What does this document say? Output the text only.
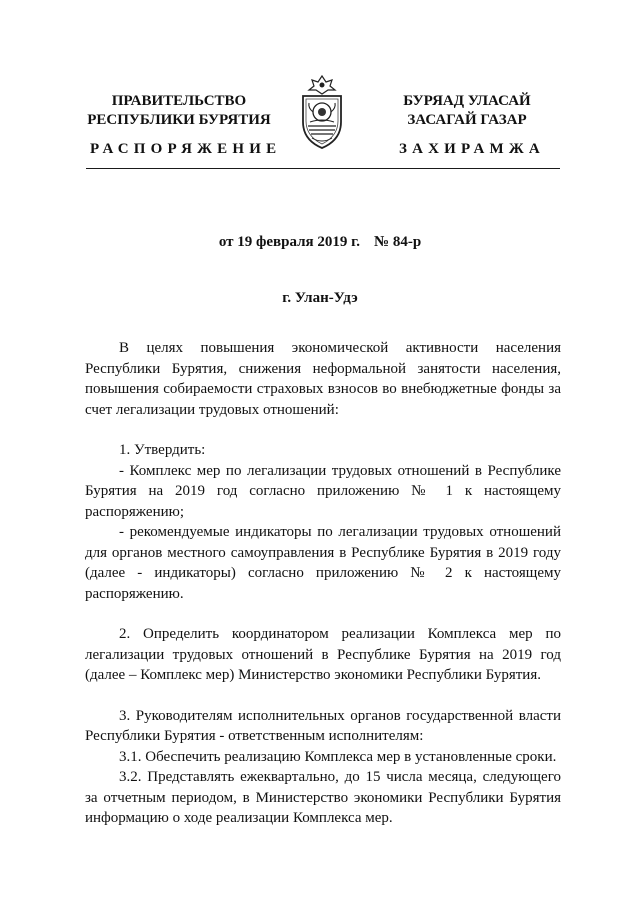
ПРАВИТЕЛЬСТВО
РЕСПУБЛИКИ БУРЯТИЯ
БУРЯАД УЛАСАЙ
ЗАСАГАЙ ГАЗАР
РАСПОРЯЖЕНИЕ	ЗАХИРАМЖА
от 19 февраля 2019 г. № 84-р
г. Улан-Удэ

В целях повышения экономической активности населения Республики Бурятия, снижения неформальной занятости населения, повышения собираемости страховых взносов во внебюджетные фонды за счет легализации трудовых отношений:

1. Утвердить:

- Комплекс мер по легализации трудовых отношений в Республике Бурятия на 2019 год согласно приложению № 1 к настоящему распоряжению;

- рекомендуемые индикаторы по легализации трудовых отношений для органов местного самоуправления в Республике Бурятия в 2019 году (далее - индикаторы) согласно приложению № 2 к настоящему распоряжению.

2. Определить координатором реализации Комплекса мер по легализации трудовых отношений в Республике Бурятия на 2019 год (далее – Комплекс мер) Министерство экономики Республики Бурятия.

3. Руководителям исполнительных органов государственной власти Республики Бурятия - ответственным исполнителям:

3.1. Обеспечить реализацию Комплекса мер в установленные сроки.

3.2. Представлять ежеквартально, до 15 числа месяца, следующего за отчетным периодом, в Министерство экономики Республики Бурятия информацию о ходе реализации Комплекса мер.
